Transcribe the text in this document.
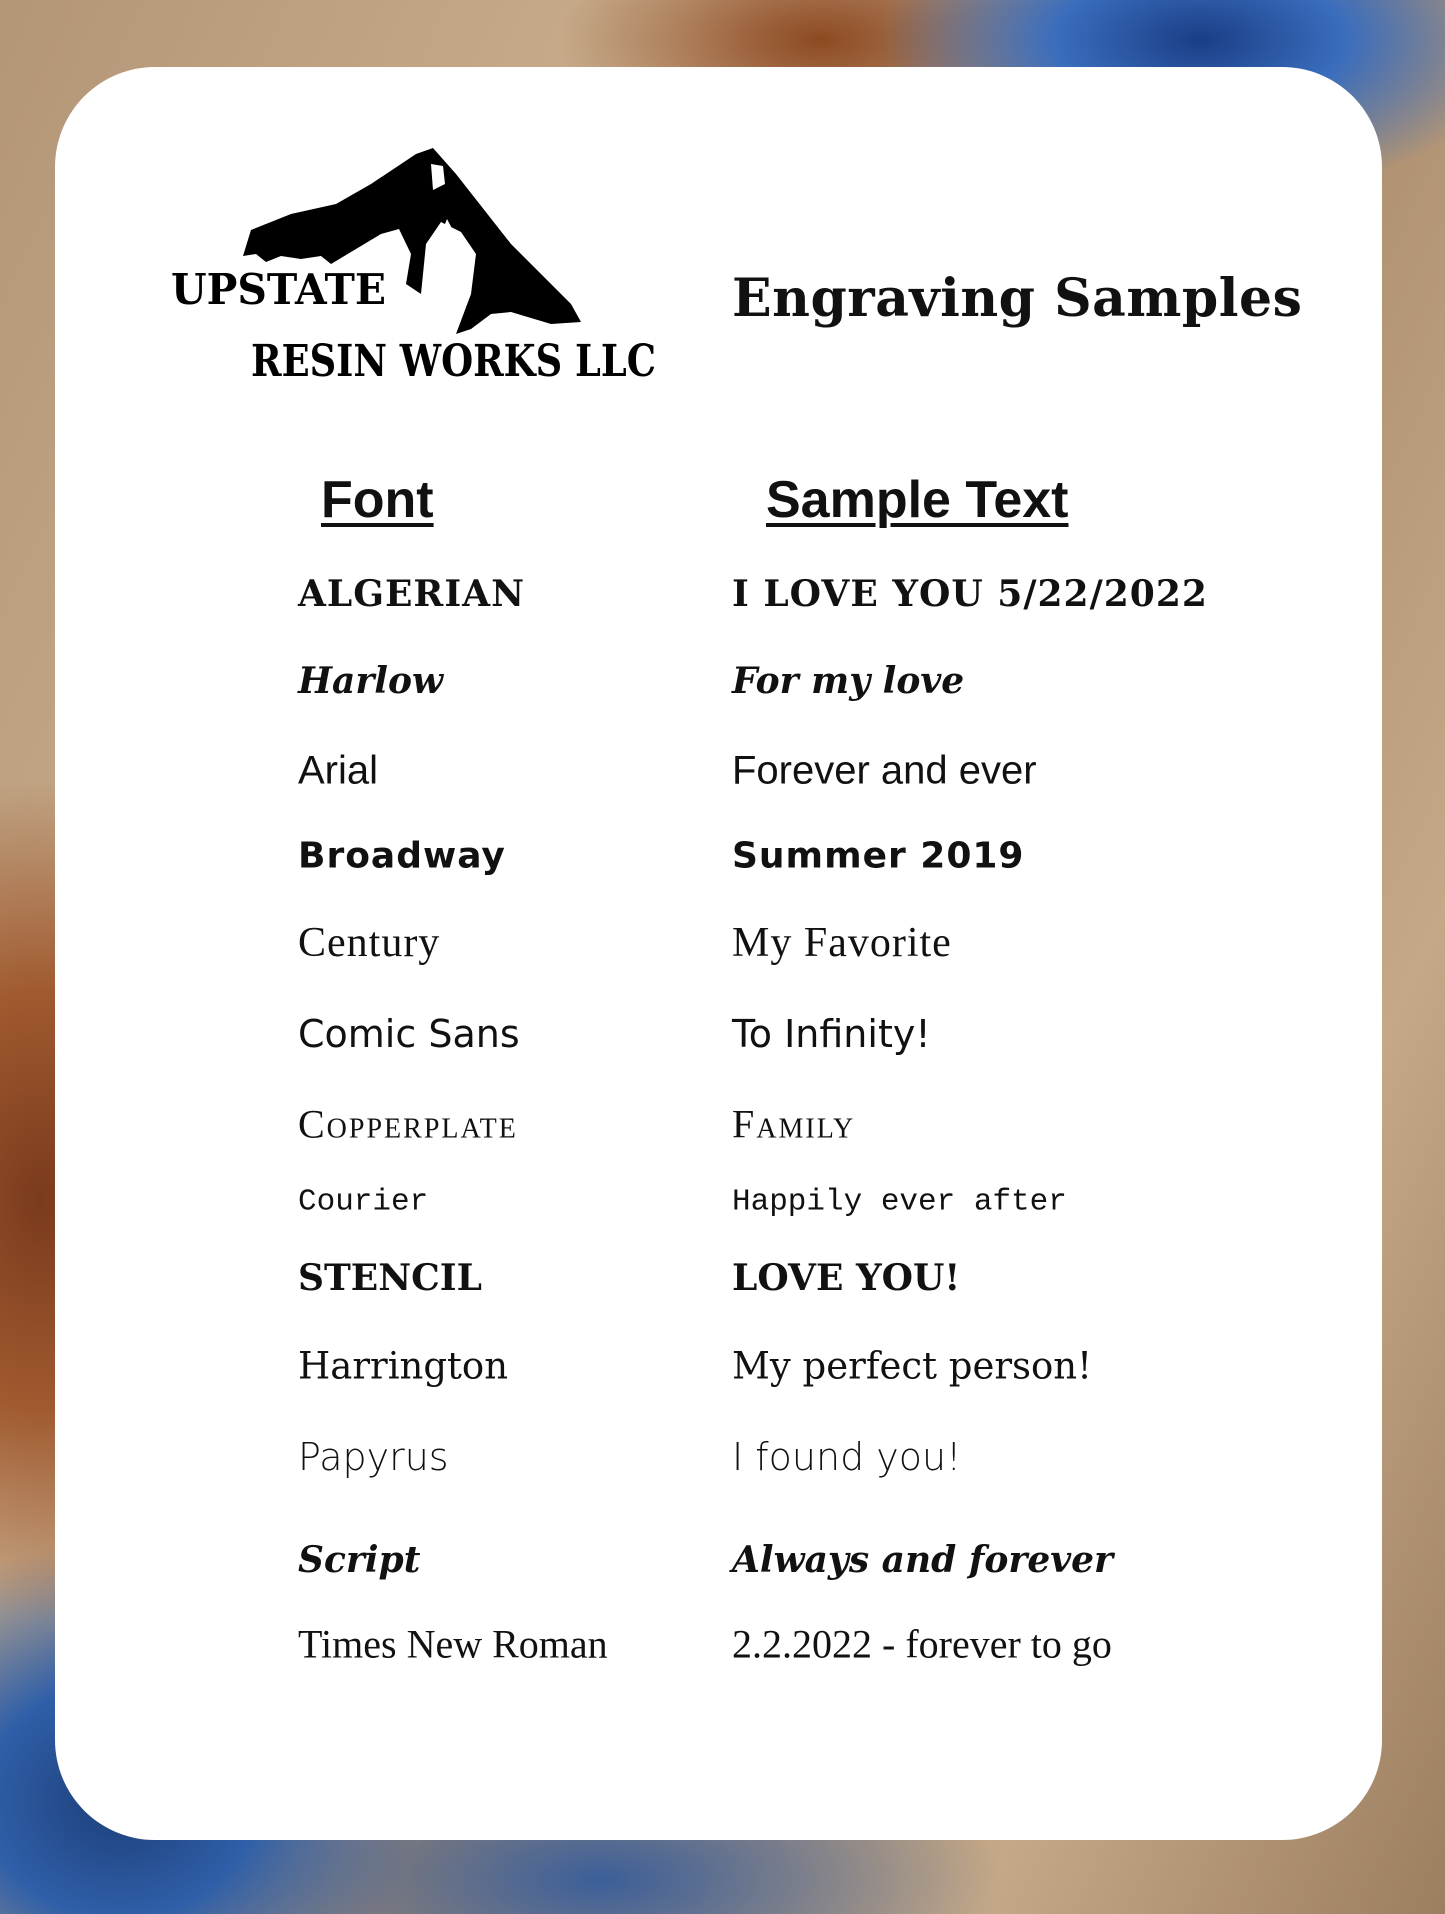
UPSTATE
RESIN WORKS LLC
Engraving Samples
Font	Sample Text
ALGERIAN	I LOVE YOU 5/22/2022
Harlow	For my love
Arial	Forever and ever
Broadway	Summer 2019
Century	My Favorite
Comic Sans	To Infinity!
Copperplate	Family
Courier	Happily ever after
STENCIL	LOVE YOU!
Harrington	My perfect person!
Papyrus	I found you!
Script	Always and forever
Times New Roman	2.2.2022 - forever to go
